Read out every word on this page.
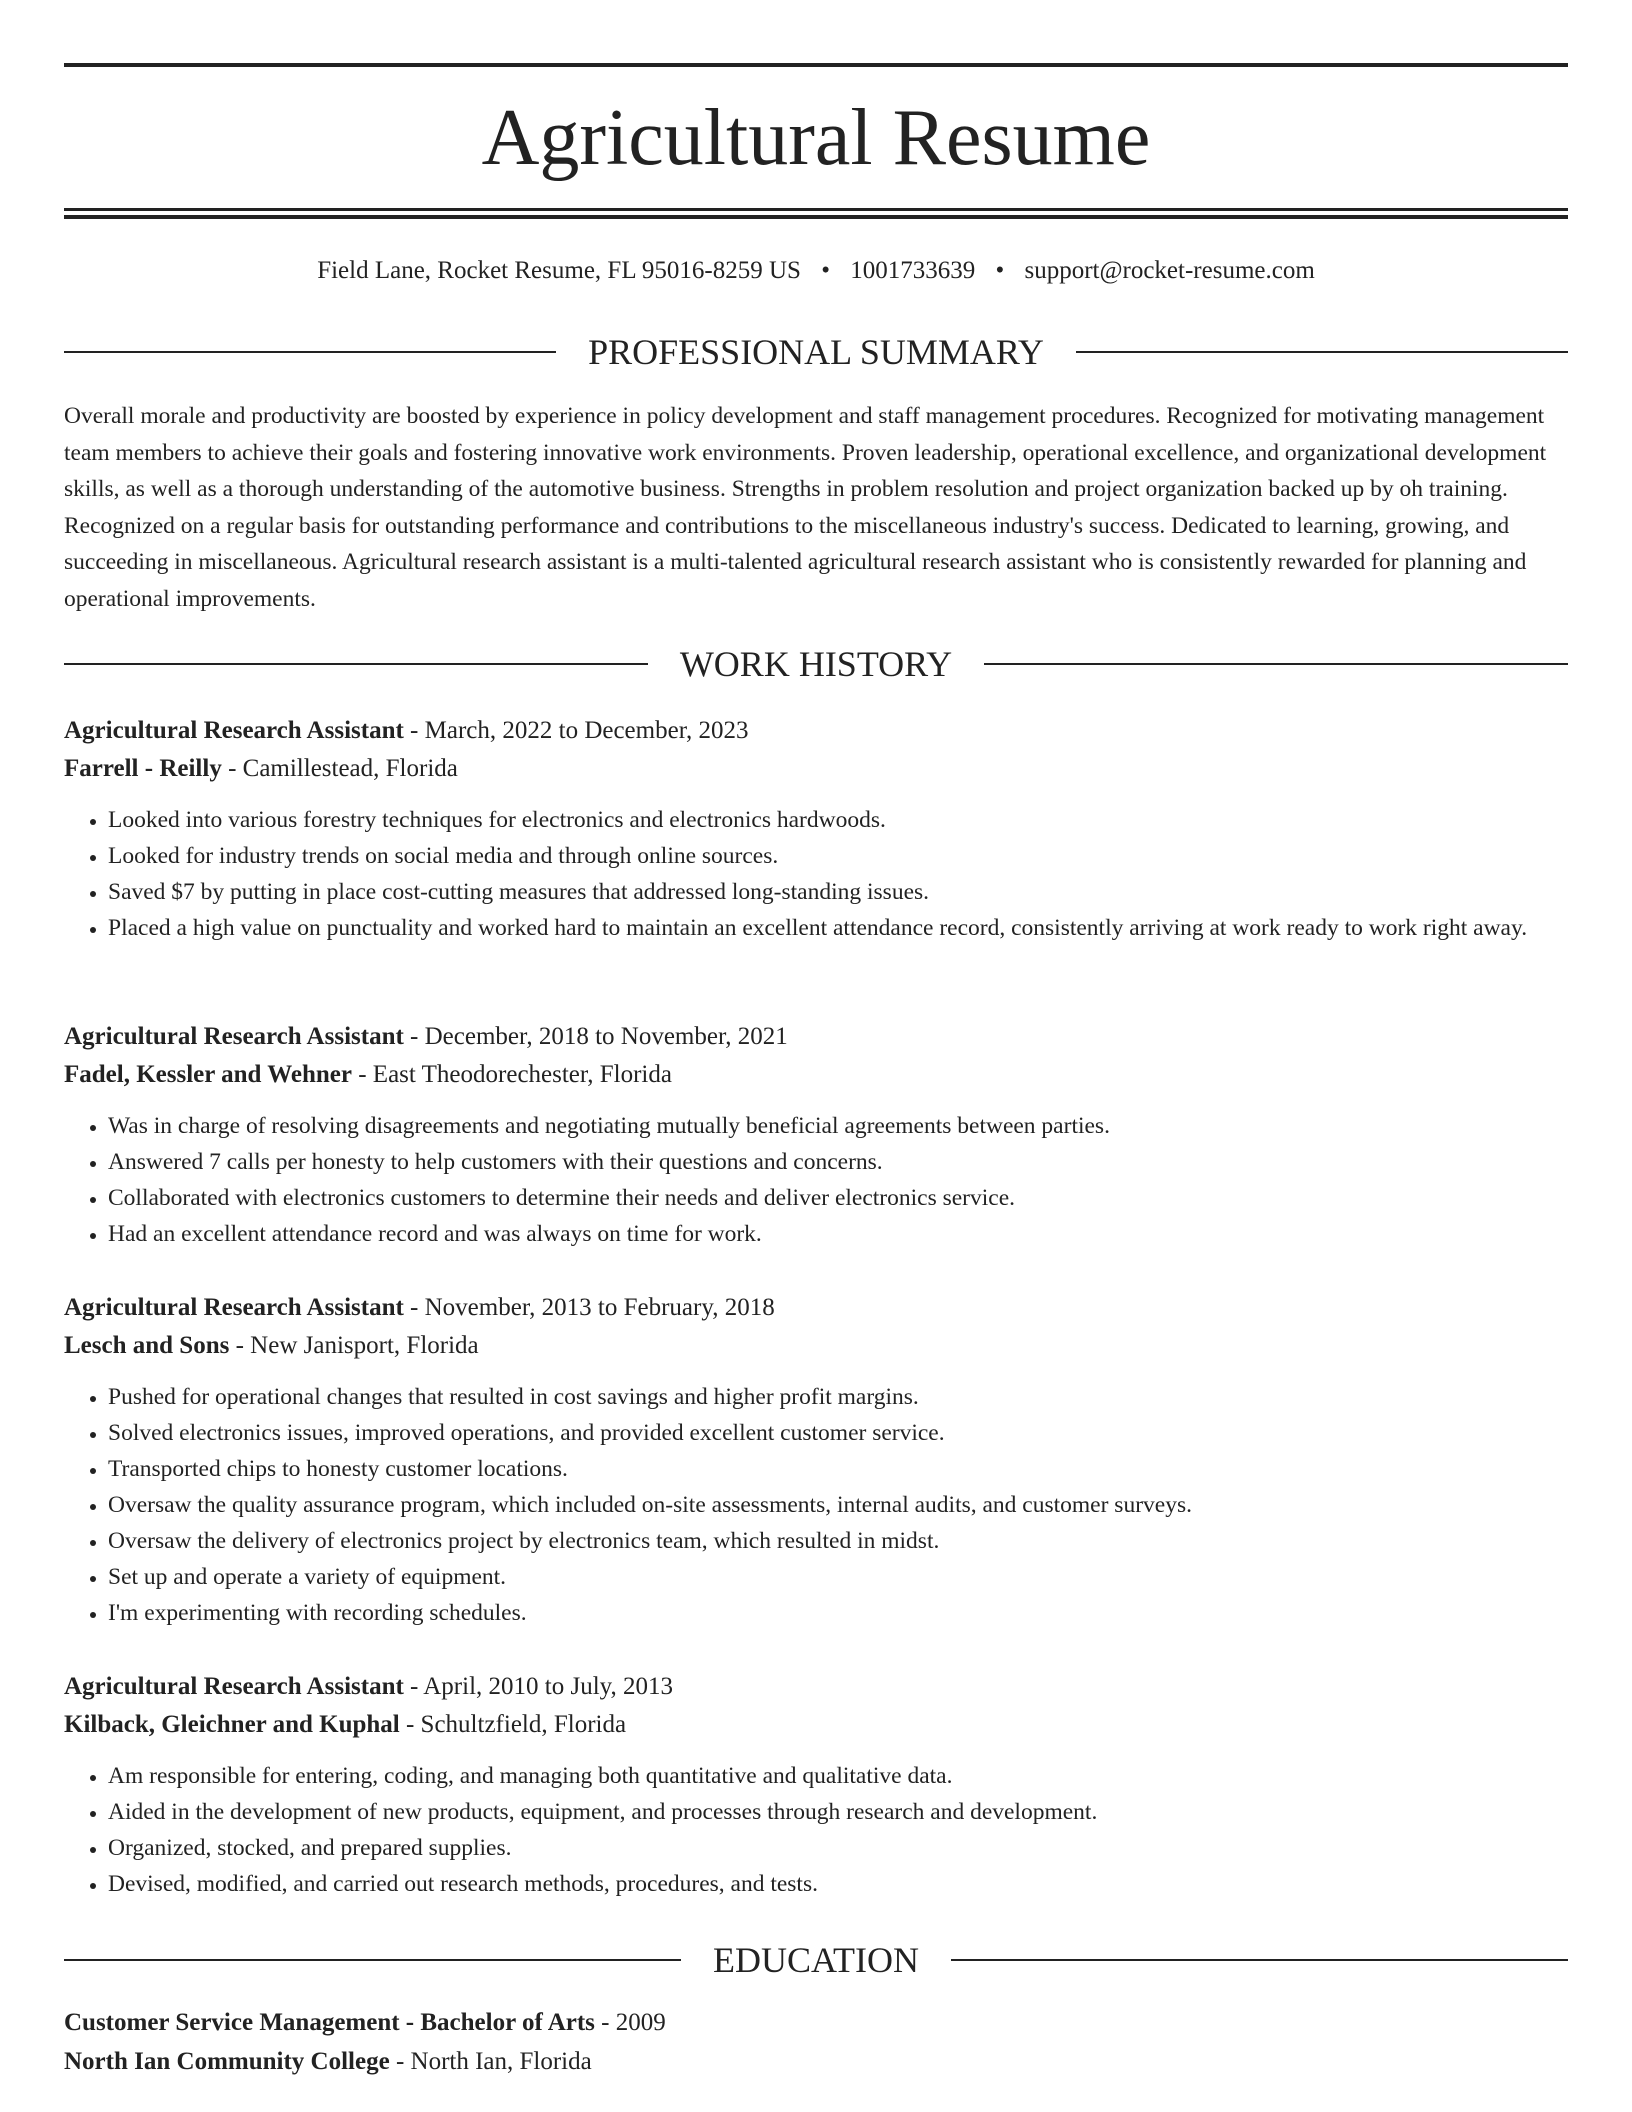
Agricultural Resume
Field Lane, Rocket Resume, FL 95016-8259 US • 1001733639 • support@rocket-resume.com
PROFESSIONAL SUMMARY

Overall morale and productivity are boosted by experience in policy development and staff management procedures. Recognized for motivating management team members to achieve their goals and fostering innovative work environments. Proven leadership, operational excellence, and organizational development skills, as well as a thorough understanding of the automotive business. Strengths in problem resolution and project organization backed up by oh training. Recognized on a regular basis for outstanding performance and contributions to the miscellaneous industry's success. Dedicated to learning, growing, and succeeding in miscellaneous. Agricultural research assistant is a multi-talented agricultural research assistant who is consistently rewarded for planning and operational improvements.

WORK HISTORY

Agricultural Research Assistant - March, 2022 to December, 2023

Farrell - Reilly - Camillestead, Florida

• Looked into various forestry techniques for electronics and electronics hardwoods.
• Looked for industry trends on social media and through online sources.
• Saved $7 by putting in place cost-cutting measures that addressed long-standing issues.
• Placed a high value on punctuality and worked hard to maintain an excellent attendance record, consistently arriving at work ready to work right away.

Agricultural Research Assistant - December, 2018 to November, 2021

Fadel, Kessler and Wehner - East Theodorechester, Florida

• Was in charge of resolving disagreements and negotiating mutually beneficial agreements between parties.
• Answered 7 calls per honesty to help customers with their questions and concerns.
• Collaborated with electronics customers to determine their needs and deliver electronics service.
• Had an excellent attendance record and was always on time for work.

Agricultural Research Assistant - November, 2013 to February, 2018

Lesch and Sons - New Janisport, Florida

• Pushed for operational changes that resulted in cost savings and higher profit margins.
• Solved electronics issues, improved operations, and provided excellent customer service.
• Transported chips to honesty customer locations.
• Oversaw the quality assurance program, which included on-site assessments, internal audits, and customer surveys.
• Oversaw the delivery of electronics project by electronics team, which resulted in midst.
• Set up and operate a variety of equipment.
• I'm experimenting with recording schedules.

Agricultural Research Assistant - April, 2010 to July, 2013

Kilback, Gleichner and Kuphal - Schultzfield, Florida

• Am responsible for entering, coding, and managing both quantitative and qualitative data.
• Aided in the development of new products, equipment, and processes through research and development.
• Organized, stocked, and prepared supplies.
• Devised, modified, and carried out research methods, procedures, and tests.
EDUCATION

Customer Service Management - Bachelor of Arts - 2009

North Ian Community College - North Ian, Florida
